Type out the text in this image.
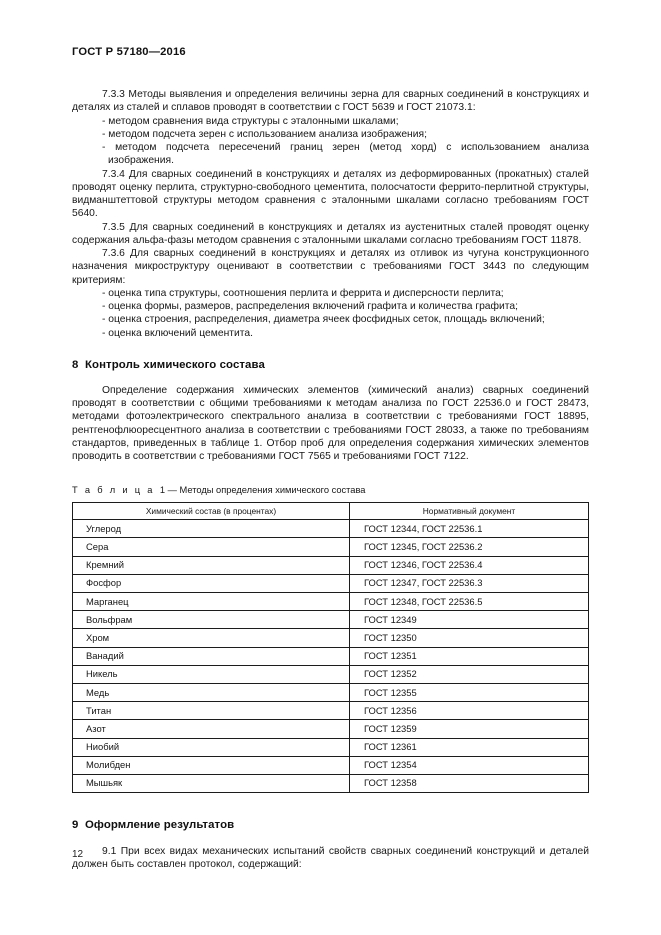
ГОСТ Р 57180—2016

7.3.3 Методы выявления и определения величины зерна для сварных соединений в конструкциях и деталях из сталей и сплавов проводят в соответствии с ГОСТ 5639 и ГОСТ 21073.1:

- методом сравнения вида структуры с эталонными шкалами;
- методом подсчета зерен с использованием анализа изображения;
- методом подсчета пересечений границ зерен (метод хорд) с использованием анализа изображения.

7.3.4 Для сварных соединений в конструкциях и деталях из деформированных (прокатных) сталей проводят оценку перлита, структурно-свободного цементита, полосчатости феррито-перлитной структуры, видманштеттовой структуры методом сравнения с эталонными шкалами согласно требованиям ГОСТ 5640.

7.3.5 Для сварных соединений в конструкциях и деталях из аустенитных сталей проводят оценку содержания альфа-фазы методом сравнения с эталонными шкалами согласно требованиям ГОСТ 11878.

7.3.6 Для сварных соединений в конструкциях и деталях из отливок из чугуна конструкционного назначения микроструктуру оценивают в соответствии с требованиями ГОСТ 3443 по следующим критериям:

- оценка типа структуры, соотношения перлита и феррита и дисперсности перлита;
- оценка формы, размеров, распределения включений графита и количества графита;
- оценка строения, распределения, диаметра ячеек фосфидных сеток, площадь включений;
- оценка включений цементита.
8 Контроль химического состава

Определение содержания химических элементов (химический анализ) сварных соединений проводят в соответствии с общими требованиями к методам анализа по ГОСТ 22536.0 и ГОСТ 28473, методами фотоэлектрического спектрального анализа в соответствии с требованиями ГОСТ 18895, рентгенофлюоресцентного анализа в соответствии с требованиями ГОСТ 28033, а также по требованиям стандартов, приведенных в таблице 1. Отбор проб для определения содержания химических элементов проводить в соответствии с требованиями ГОСТ 7565 и требованиями ГОСТ 7122.

Т а б л и ц а 1 — Методы определения химического состава
Химический состав (в процентах)	Нормативный документ
Углерод	ГОСТ 12344, ГОСТ 22536.1
Сера	ГОСТ 12345, ГОСТ 22536.2
Кремний	ГОСТ 12346, ГОСТ 22536.4
Фосфор	ГОСТ 12347, ГОСТ 22536.3
Марганец	ГОСТ 12348, ГОСТ 22536.5
Вольфрам	ГОСТ 12349
Хром	ГОСТ 12350
Ванадий	ГОСТ 12351
Никель	ГОСТ 12352
Медь	ГОСТ 12355
Титан	ГОСТ 12356
Азот	ГОСТ 12359
Ниобий	ГОСТ 12361
Молибден	ГОСТ 12354
Мышьяк	ГОСТ 12358
9 Оформление результатов

9.1 При всех видах механических испытаний свойств сварных соединений конструкций и деталей должен быть составлен протокол, содержащий:

12
